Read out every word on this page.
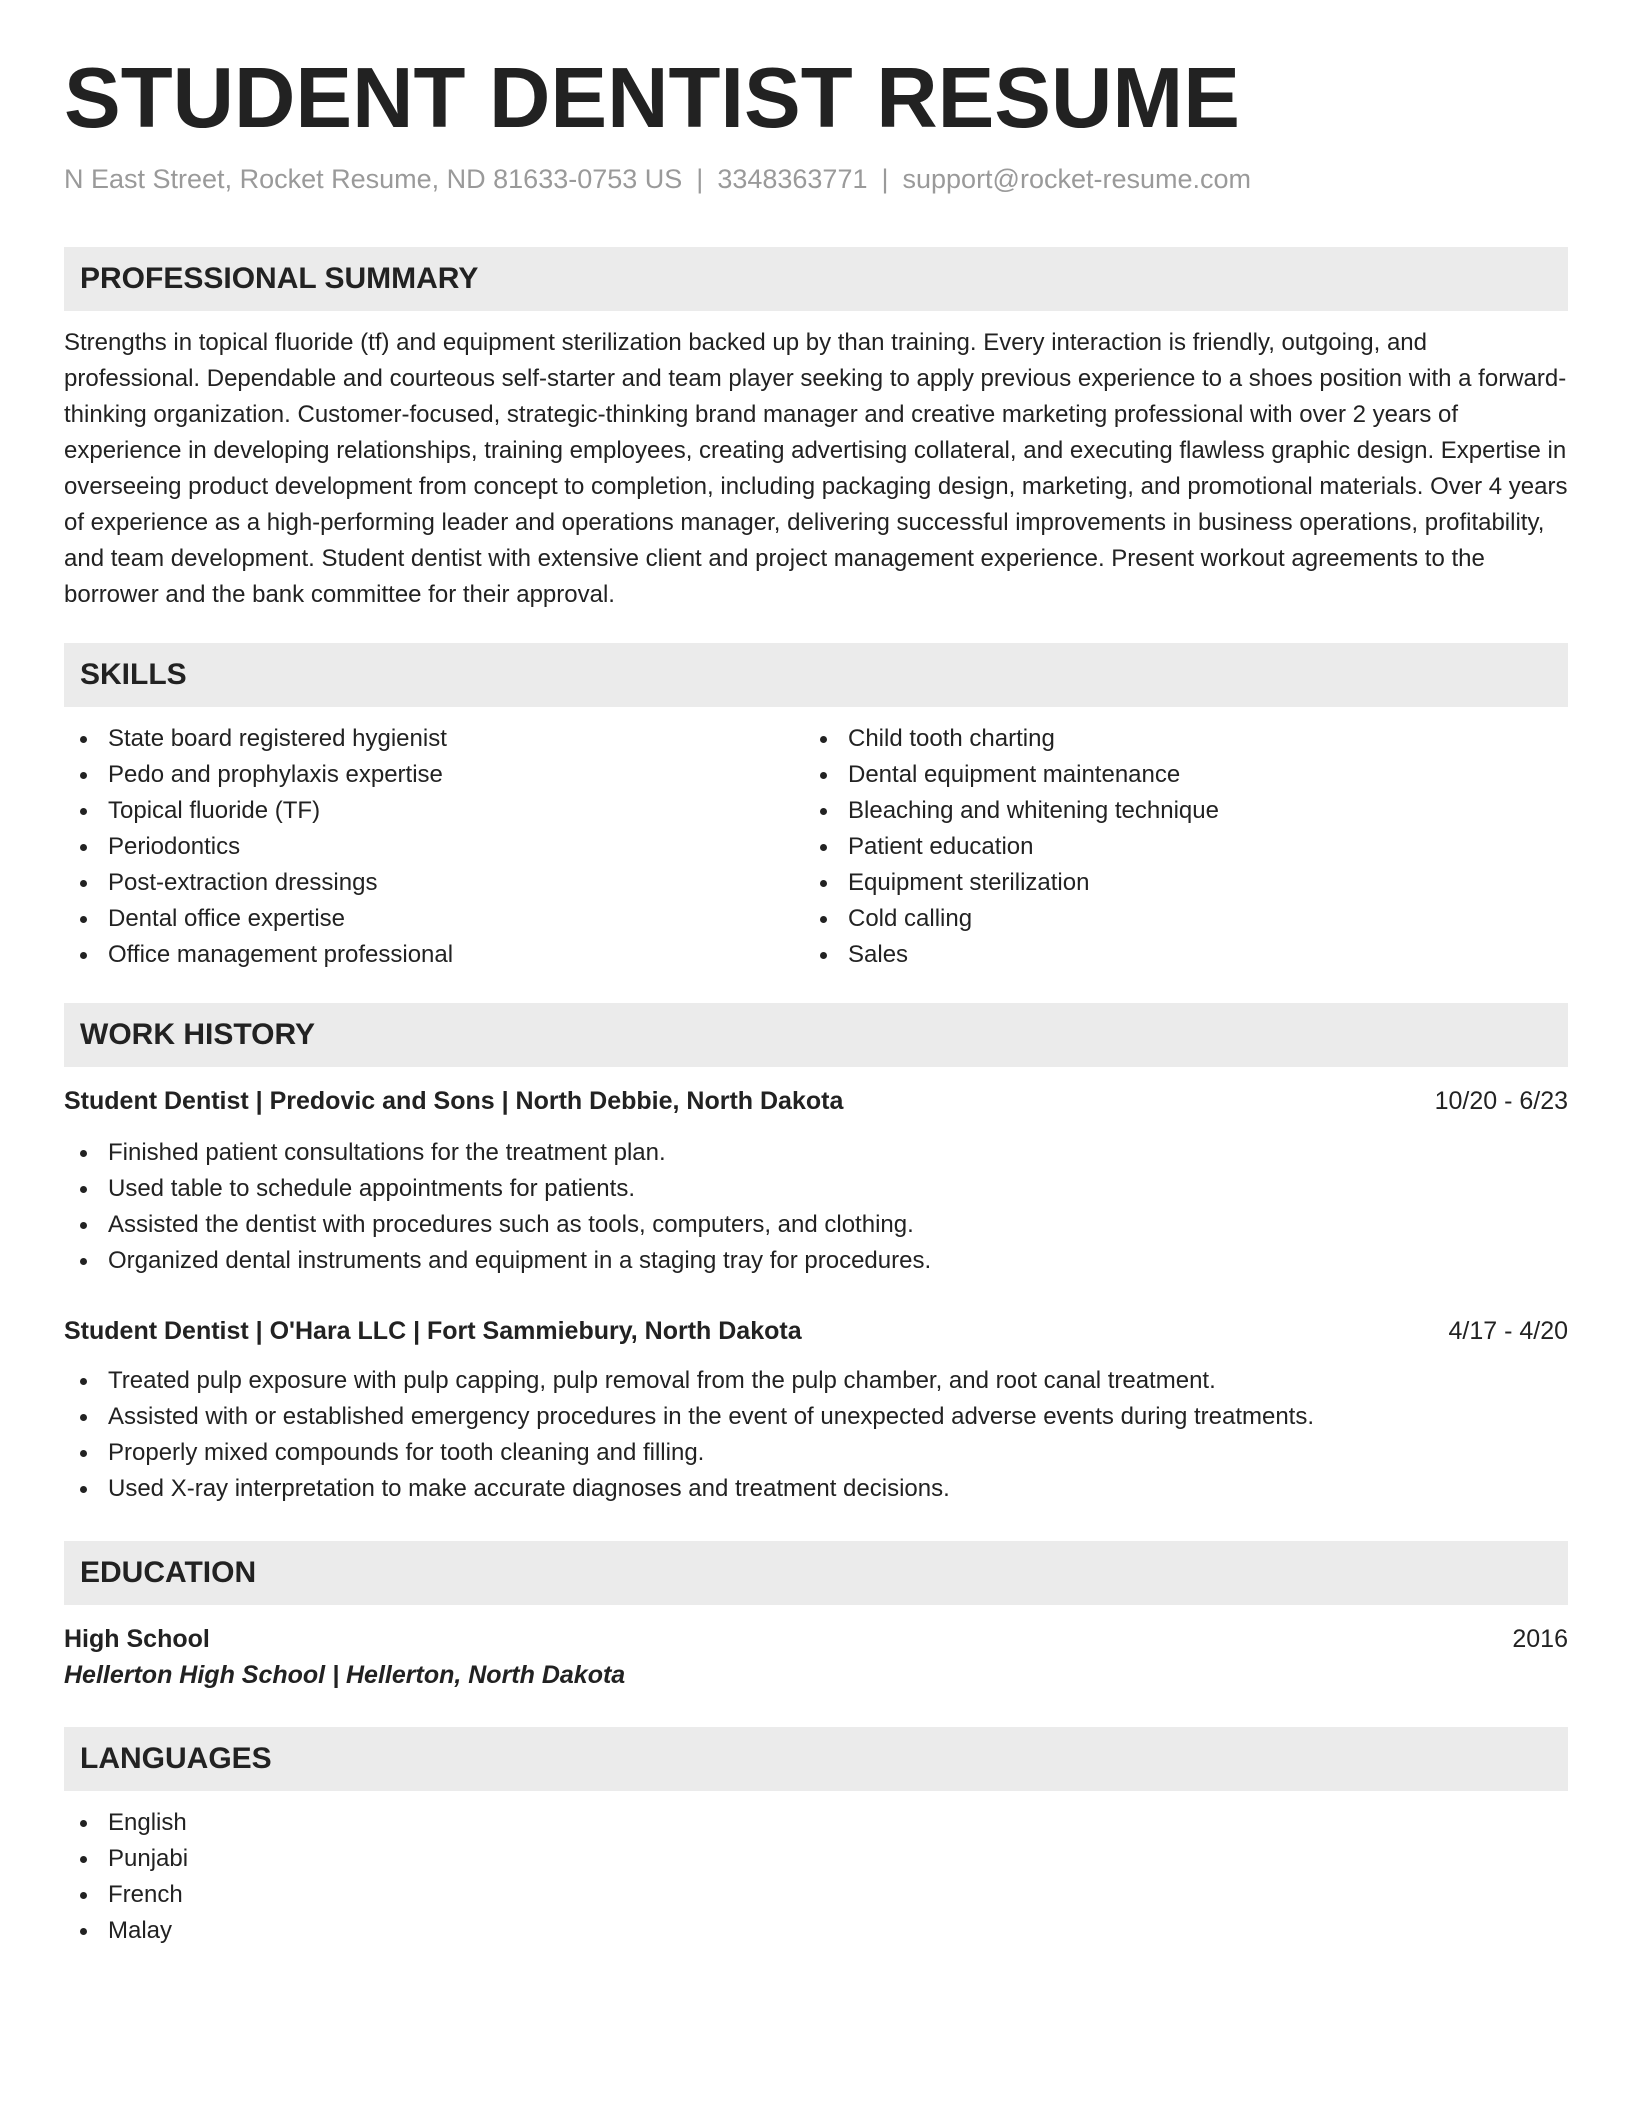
STUDENT DENTIST RESUME
N East Street, Rocket Resume, ND 81633-0753 US | 3348363771 | support@rocket-resume.com
PROFESSIONAL SUMMARY
Strengths in topical fluoride (tf) and equipment sterilization backed up by than training. Every interaction is friendly, outgoing, and professional. Dependable and courteous self-starter and team player seeking to apply previous experience to a shoes position with a forward-thinking organization. Customer-focused, strategic-thinking brand manager and creative marketing professional with over 2 years of experience in developing relationships, training employees, creating advertising collateral, and executing flawless graphic design. Expertise in overseeing product development from concept to completion, including packaging design, marketing, and promotional materials. Over 4 years of experience as a high-performing leader and operations manager, delivering successful improvements in business operations, profitability, and team development. Student dentist with extensive client and project management experience. Present workout agreements to the borrower and the bank committee for their approval.
SKILLS
State board registered hygienist
Pedo and prophylaxis expertise
Topical fluoride (TF)
Periodontics
Post-extraction dressings
Dental office expertise
Office management professional
Child tooth charting
Dental equipment maintenance
Bleaching and whitening technique
Patient education
Equipment sterilization
Cold calling
Sales
WORK HISTORY
Student Dentist | Predovic and Sons | North Debbie, North Dakota	10/20 - 6/23
Finished patient consultations for the treatment plan.
Used table to schedule appointments for patients.
Assisted the dentist with procedures such as tools, computers, and clothing.
Organized dental instruments and equipment in a staging tray for procedures.
Student Dentist | O'Hara LLC | Fort Sammiebury, North Dakota	4/17 - 4/20
Treated pulp exposure with pulp capping, pulp removal from the pulp chamber, and root canal treatment.
Assisted with or established emergency procedures in the event of unexpected adverse events during treatments.
Properly mixed compounds for tooth cleaning and filling.
Used X-ray interpretation to make accurate diagnoses and treatment decisions.
EDUCATION
High School	2016
Hellerton High School | Hellerton, North Dakota
LANGUAGES
English
Punjabi
French
Malay
